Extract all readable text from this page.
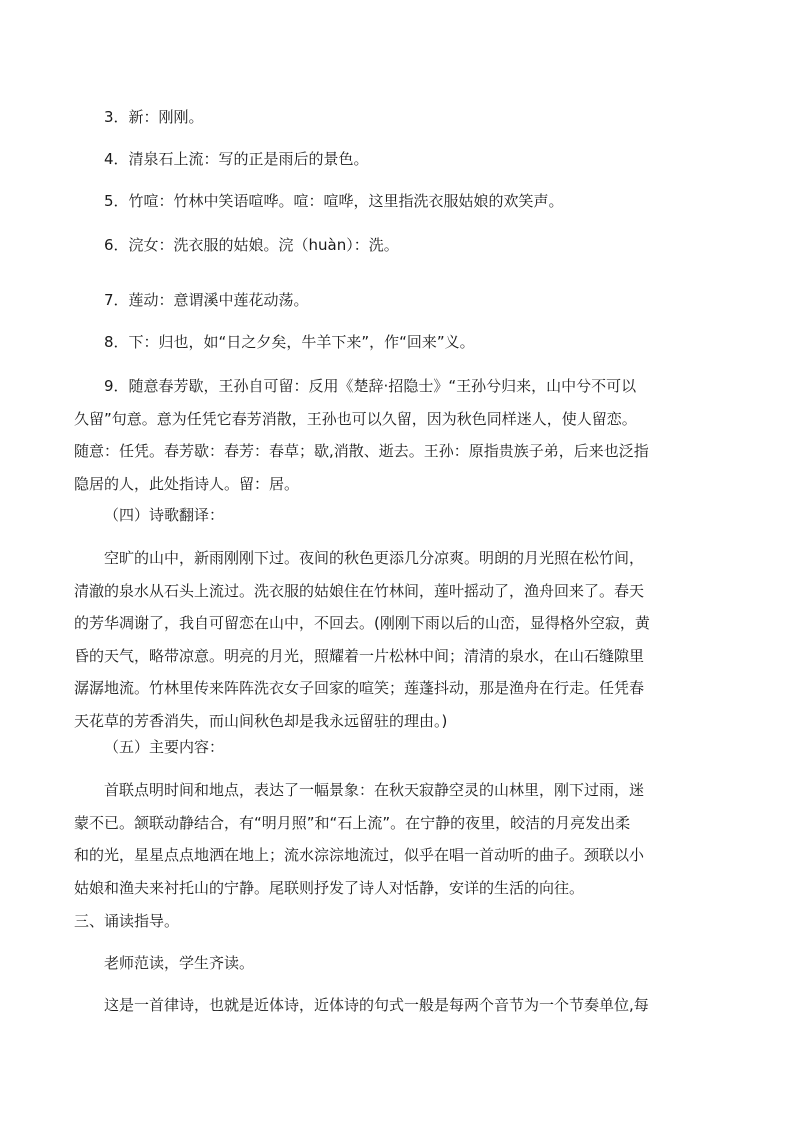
3．新：刚刚。
4．清泉石上流：写的正是雨后的景色。
5．竹喧：竹林中笑语喧哗。喧：喧哗，这里指洗衣服姑娘的欢笑声。
6．浣女：洗衣服的姑娘。浣（huàn）：洗。
7．莲动：意谓溪中莲花动荡。
8．下：归也，如“日之夕矣，牛羊下来”，作“回来”义。
9．随意春芳歇，王孙自可留：反用《楚辞·招隐士》“王孙兮归来，山中兮不可以
久留”句意。意为任凭它春芳消散，王孙也可以久留，因为秋色同样迷人，使人留恋。
随意：任凭。春芳歇：春芳：春草；歇,消散、逝去。王孙：原指贵族子弟，后来也泛指
隐居的人，此处指诗人。留：居。
（四）诗歌翻译：
空旷的山中，新雨刚刚下过。夜间的秋色更添几分凉爽。明朗的月光照在松竹间，
清澈的泉水从石头上流过。洗衣服的姑娘住在竹林间，莲叶摇动了，渔舟回来了。春天
的芳华凋谢了，我自可留恋在山中，不回去。(刚刚下雨以后的山峦，显得格外空寂，黄
昏的天气，略带凉意。明亮的月光，照耀着一片松林中间；清清的泉水，在山石缝隙里
潺潺地流。竹林里传来阵阵洗衣女子回家的喧笑；莲蓬抖动，那是渔舟在行走。任凭春
天花草的芳香消失，而山间秋色却是我永远留驻的理由。)
（五）主要内容：
首联点明时间和地点，表达了一幅景象：在秋天寂静空灵的山林里，刚下过雨，迷
蒙不已。颔联动静结合，有“明月照”和“石上流”。在宁静的夜里，皎洁的月亮发出柔
和的光，星星点点地洒在地上；流水淙淙地流过，似乎在唱一首动听的曲子。颈联以小
姑娘和渔夫来衬托山的宁静。尾联则抒发了诗人对恬静，安详的生活的向往。
三、诵读指导。
老师范读，学生齐读。
这是一首律诗，也就是近体诗，近体诗的句式一般是每两个音节为一个节奏单位,每
